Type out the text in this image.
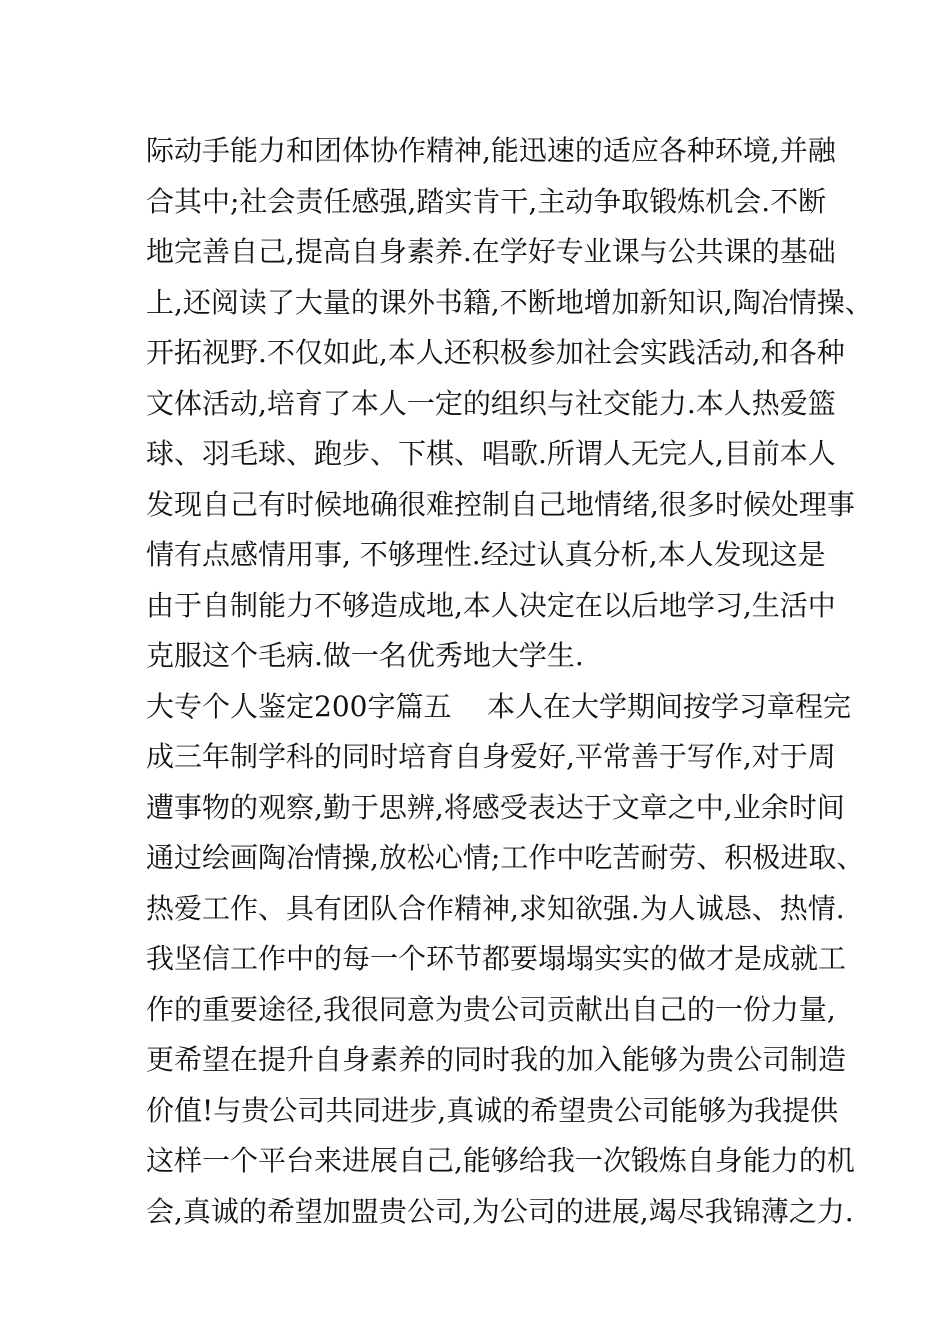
际动手能力和团体协作精神,能迅速的适应各种环境,并融
合其中;社会责任感强,踏实肯干,主动争取锻炼机会.不断
地完善自己,提高自身素养.在学好专业课与公共课的基础
上,还阅读了大量的课外书籍,不断地增加新知识,陶冶情操、
开拓视野.不仅如此,本人还积极参加社会实践活动,和各种
文体活动,培育了本人一定的组织与社交能力.本人热爱篮
球、羽毛球、跑步、下棋、唱歌.所谓人无完人,目前本人
发现自己有时候地确很难控制自己地情绪,很多时候处理事
情有点感情用事, 不够理性.经过认真分析,本人发现这是
由于自制能力不够造成地,本人决定在以后地学习,生活中
克服这个毛病.做一名优秀地大学生.
大专个人鉴定200字篇五    本人在大学期间按学习章程完
成三年制学科的同时培育自身爱好,平常善于写作,对于周
遭事物的观察,勤于思辨,将感受表达于文章之中,业余时间
通过绘画陶冶情操,放松心情;工作中吃苦耐劳、积极进取、
热爱工作、具有团队合作精神,求知欲强.为人诚恳、热情.
我坚信工作中的每一个环节都要塌塌实实的做才是成就工
作的重要途径,我很同意为贵公司贡献出自己的一份力量,
更希望在提升自身素养的同时我的加入能够为贵公司制造
价值!与贵公司共同进步,真诚的希望贵公司能够为我提供
这样一个平台来进展自己,能够给我一次锻炼自身能力的机
会,真诚的希望加盟贵公司,为公司的进展,竭尽我锦薄之力.
